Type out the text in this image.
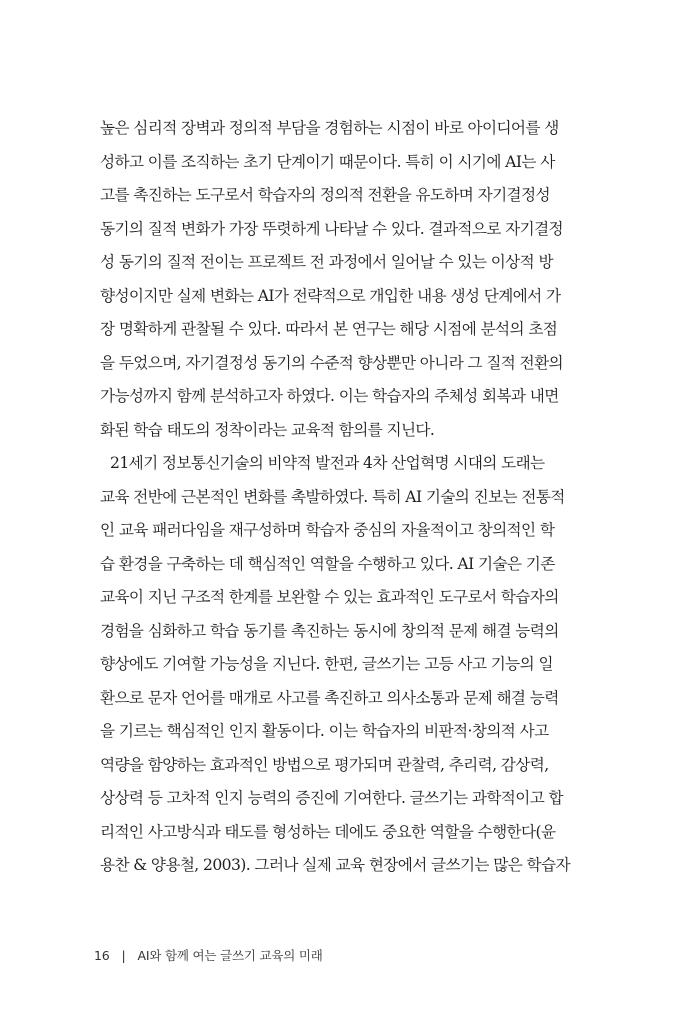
높은 심리적 장벽과 정의적 부담을 경험하는 시점이 바로 아이디어를 생
성하고 이를 조직하는 초기 단계이기 때문이다. 특히 이 시기에 AI는 사
고를 촉진하는 도구로서 학습자의 정의적 전환을 유도하며 자기결정성
동기의 질적 변화가 가장 뚜렷하게 나타날 수 있다. 결과적으로 자기결정
성 동기의 질적 전이는 프로젝트 전 과정에서 일어날 수 있는 이상적 방
향성이지만 실제 변화는 AI가 전략적으로 개입한 내용 생성 단계에서 가
장 명확하게 관찰될 수 있다. 따라서 본 연구는 해당 시점에 분석의 초점
을 두었으며, 자기결정성 동기의 수준적 향상뿐만 아니라 그 질적 전환의
가능성까지 함께 분석하고자 하였다. 이는 학습자의 주체성 회복과 내면
화된 학습 태도의 정착이라는 교육적 함의를 지닌다.
21세기 정보통신기술의 비약적 발전과 4차 산업혁명 시대의 도래는
교육 전반에 근본적인 변화를 촉발하였다. 특히 AI 기술의 진보는 전통적
인 교육 패러다임을 재구성하며 학습자 중심의 자율적이고 창의적인 학
습 환경을 구축하는 데 핵심적인 역할을 수행하고 있다. AI 기술은 기존
교육이 지닌 구조적 한계를 보완할 수 있는 효과적인 도구로서 학습자의
경험을 심화하고 학습 동기를 촉진하는 동시에 창의적 문제 해결 능력의
향상에도 기여할 가능성을 지닌다. 한편, 글쓰기는 고등 사고 기능의 일
환으로 문자 언어를 매개로 사고를 촉진하고 의사소통과 문제 해결 능력
을 기르는 핵심적인 인지 활동이다. 이는 학습자의 비판적·창의적 사고
역량을 함양하는 효과적인 방법으로 평가되며 관찰력, 추리력, 감상력,
상상력 등 고차적 인지 능력의 증진에 기여한다. 글쓰기는 과학적이고 합
리적인 사고방식과 태도를 형성하는 데에도 중요한 역할을 수행한다(윤
용찬 & 양용철, 2003). 그러나 실제 교육 현장에서 글쓰기는 많은 학습자
16 | AI와 함께 여는 글쓰기 교육의 미래
